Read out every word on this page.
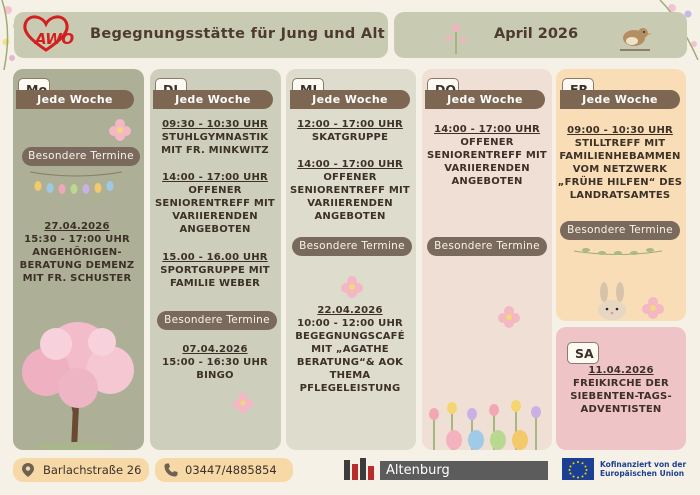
AWO Begegnungsstätte für Jung und Alt	April 2026
Jede Woche
Besondere Termine
27.04.2026
15:30 - 17:00 UHR
ANGEHÖRIGEN-
BERATUNG DEMENZ
MIT FR. SCHUSTER
Jede Woche
09:30 - 10:30 UHR
STUHLGYMNASTIK
MIT FR. MINKWITZ
14:00 - 17:00 UHR
OFFENER
SENIORENTREFF MIT
VARIIERENDEN
ANGEBOTEN
15.00 - 16.00 UHR
SPORTGRUPPE MIT
FAMILIE WEBER
Besondere Termine
07.04.2026
15:00 - 16:30 UHR
BINGO
Jede Woche
12:00 - 17:00 UHR
SKATGRUPPE
14:00 - 17:00 UHR
OFFENER
SENIORENTREFF MIT
VARIIERENDEN
ANGEBOTEN
Besondere Termine
22.04.2026
10:00 - 12:00 UHR
BEGEGNUNGSCAFÉ
MIT „AGATHE
BERATUNG“& AOK
THEMA
PFLEGELEISTUNG
Jede Woche
14:00 - 17:00 UHR
OFFENER
SENIORENTREFF MIT
VARIIERENDEN
ANGEBOTEN
Besondere Termine
Jede Woche
09:00 - 10:30 UHR
STILLTREFF MIT
FAMILIENHEBAMMEN
VOM NETZWERK
„FRÜHE HILFEN“ DES
LANDRATSAMTES
Besondere Termine
SA
11.04.2026
FREIKIRCHE DER
SIEBENTEN-TAGS-
ADVENTISTEN
Barlachstraße 26	03447/4885854	Altenburg	Kofinanziert von der
Europäischen Union
